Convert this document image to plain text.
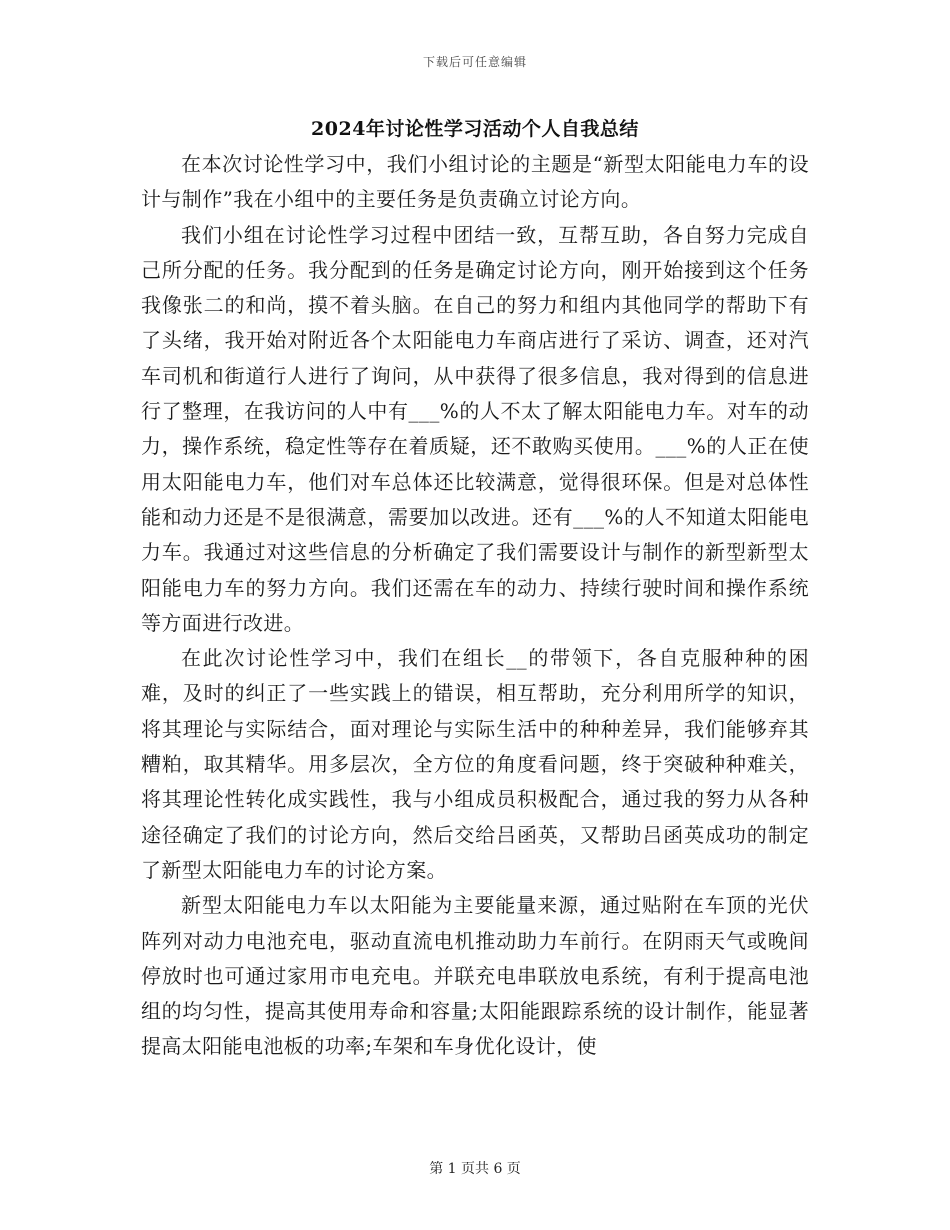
下载后可任意编辑
2024年讨论性学习活动个人自我总结

在本次讨论性学习中，我们小组讨论的主题是“新型太阳能电力车的设计与制作”我在小组中的主要任务是负责确立讨论方向。

我们小组在讨论性学习过程中团结一致，互帮互助，各自努力完成自己所分配的任务。我分配到的任务是确定讨论方向，刚开始接到这个任务我像张二的和尚，摸不着头脑。在自己的努力和组内其他同学的帮助下有了头绪，我开始对附近各个太阳能电力车商店进行了采访、调查，还对汽车司机和街道行人进行了询问，从中获得了很多信息，我对得到的信息进行了整理，在我访问的人中有___%的人不太了解太阳能电力车。对车的动力，操作系统，稳定性等存在着质疑，还不敢购买使用。___%的人正在使用太阳能电力车，他们对车总体还比较满意，觉得很环保。但是对总体性能和动力还是不是很满意，需要加以改进。还有___%的人不知道太阳能电力车。我通过对这些信息的分析确定了我们需要设计与制作的新型新型太阳能电力车的努力方向。我们还需在车的动力、持续行驶时间和操作系统等方面进行改进。

在此次讨论性学习中，我们在组长__的带领下，各自克服种种的困难，及时的纠正了一些实践上的错误，相互帮助，充分利用所学的知识，将其理论与实际结合，面对理论与实际生活中的种种差异，我们能够弃其糟粕，取其精华。用多层次，全方位的角度看问题，终于突破种种难关，将其理论性转化成实践性，我与小组成员积极配合，通过我的努力从各种途径确定了我们的讨论方向，然后交给吕函英，又帮助吕函英成功的制定了新型太阳能电力车的讨论方案。

新型太阳能电力车以太阳能为主要能量来源，通过贴附在车顶的光伏阵列对动力电池充电，驱动直流电机推动助力车前行。在阴雨天气或晚间停放时也可通过家用市电充电。并联充电串联放电系统，有利于提高电池组的均匀性，提高其使用寿命和容量;太阳能跟踪系统的设计制作，能显著提高太阳能电池板的功率;车架和车身优化设计，使

第 1 页共 6 页
